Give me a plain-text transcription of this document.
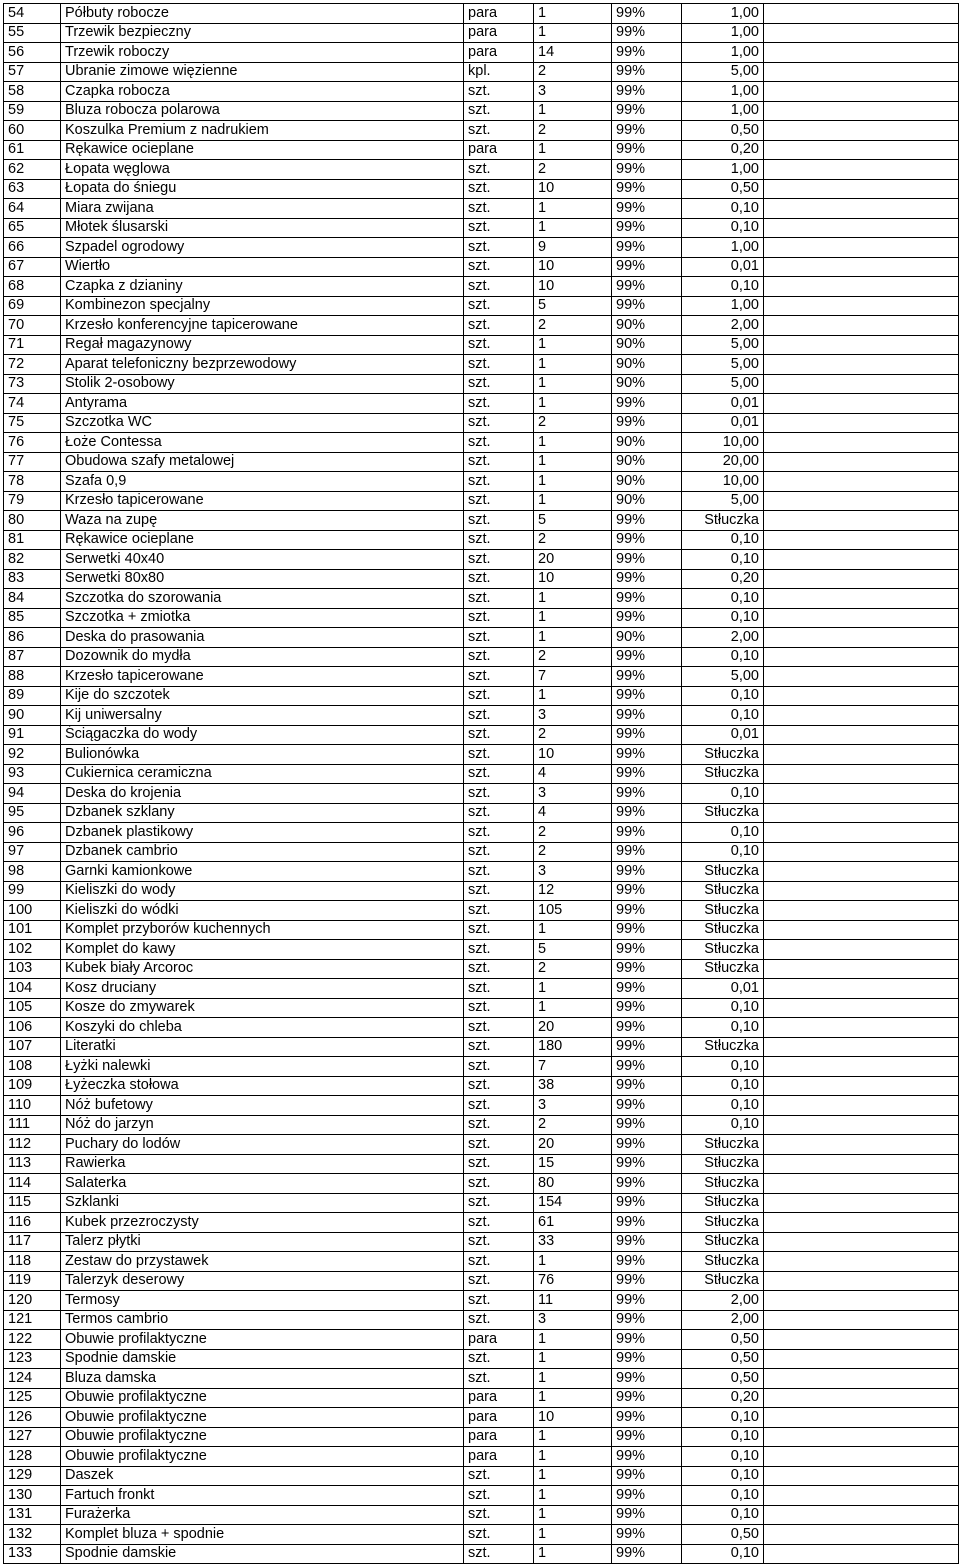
54	Półbuty robocze	para	1	99%	1,00	
55	Trzewik bezpieczny	para	1	99%	1,00	
56	Trzewik roboczy	para	14	99%	1,00	
57	Ubranie zimowe więzienne	kpl.	2	99%	5,00	
58	Czapka robocza	szt.	3	99%	1,00	
59	Bluza robocza polarowa	szt.	1	99%	1,00	
60	Koszulka Premium z nadrukiem	szt.	2	99%	0,50	
61	Rękawice ocieplane	para	1	99%	0,20	
62	Łopata węglowa	szt.	2	99%	1,00	
63	Łopata do śniegu	szt.	10	99%	0,50	
64	Miara zwijana	szt.	1	99%	0,10	
65	Młotek ślusarski	szt.	1	99%	0,10	
66	Szpadel ogrodowy	szt.	9	99%	1,00	
67	Wiertło	szt.	10	99%	0,01	
68	Czapka z dzianiny	szt.	10	99%	0,10	
69	Kombinezon specjalny	szt.	5	99%	1,00	
70	Krzesło konferencyjne tapicerowane	szt.	2	90%	2,00	
71	Regał magazynowy	szt.	1	90%	5,00	
72	Aparat telefoniczny bezprzewodowy	szt.	1	90%	5,00	
73	Stolik 2-osobowy	szt.	1	90%	5,00	
74	Antyrama	szt.	1	99%	0,01	
75	Szczotka WC	szt.	2	99%	0,01	
76	Łoże Contessa	szt.	1	90%	10,00	
77	Obudowa szafy metalowej	szt.	1	90%	20,00	
78	Szafa 0,9	szt.	1	90%	10,00	
79	Krzesło tapicerowane	szt.	1	90%	5,00	
80	Waza na zupę	szt.	5	99%	Stłuczka	
81	Rękawice ocieplane	szt.	2	99%	0,10	
82	Serwetki 40x40	szt.	20	99%	0,10	
83	Serwetki 80x80	szt.	10	99%	0,20	
84	Szczotka do szorowania	szt.	1	99%	0,10	
85	Szczotka + zmiotka	szt.	1	99%	0,10	
86	Deska do prasowania	szt.	1	90%	2,00	
87	Dozownik do mydła	szt.	2	99%	0,10	
88	Krzesło tapicerowane	szt.	7	99%	5,00	
89	Kije do szczotek	szt.	1	99%	0,10	
90	Kij uniwersalny	szt.	3	99%	0,10	
91	Ściągaczka do wody	szt.	2	99%	0,01	
92	Bulionówka	szt.	10	99%	Stłuczka	
93	Cukiernica ceramiczna	szt.	4	99%	Stłuczka	
94	Deska do krojenia	szt.	3	99%	0,10	
95	Dzbanek szklany	szt.	4	99%	Stłuczka	
96	Dzbanek plastikowy	szt.	2	99%	0,10	
97	Dzbanek cambrio	szt.	2	99%	0,10	
98	Garnki kamionkowe	szt.	3	99%	Stłuczka	
99	Kieliszki do wody	szt.	12	99%	Stłuczka	
100	Kieliszki do wódki	szt.	105	99%	Stłuczka	
101	Komplet przyborów kuchennych	szt.	1	99%	Stłuczka	
102	Komplet do kawy	szt.	5	99%	Stłuczka	
103	Kubek biały Arcoroc	szt.	2	99%	Stłuczka	
104	Kosz druciany	szt.	1	99%	0,01	
105	Kosze do zmywarek	szt.	1	99%	0,10	
106	Koszyki do chleba	szt.	20	99%	0,10	
107	Literatki	szt.	180	99%	Stłuczka	
108	Łyżki nalewki	szt.	7	99%	0,10	
109	Łyżeczka stołowa	szt.	38	99%	0,10	
110	Nóż bufetowy	szt.	3	99%	0,10	
111	Nóż do jarzyn	szt.	2	99%	0,10	
112	Puchary do lodów	szt.	20	99%	Stłuczka	
113	Rawierka	szt.	15	99%	Stłuczka	
114	Salaterka	szt.	80	99%	Stłuczka	
115	Szklanki	szt.	154	99%	Stłuczka	
116	Kubek przezroczysty	szt.	61	99%	Stłuczka	
117	Talerz płytki	szt.	33	99%	Stłuczka	
118	Zestaw do przystawek	szt.	1	99%	Stłuczka	
119	Talerzyk deserowy	szt.	76	99%	Stłuczka	
120	Termosy	szt.	11	99%	2,00	
121	Termos cambrio	szt.	3	99%	2,00	
122	Obuwie profilaktyczne	para	1	99%	0,50	
123	Spodnie damskie	szt.	1	99%	0,50	
124	Bluza damska	szt.	1	99%	0,50	
125	Obuwie profilaktyczne	para	1	99%	0,20	
126	Obuwie profilaktyczne	para	10	99%	0,10	
127	Obuwie profilaktyczne	para	1	99%	0,10	
128	Obuwie profilaktyczne	para	1	99%	0,10	
129	Daszek	szt.	1	99%	0,10	
130	Fartuch fronkt	szt.	1	99%	0,10	
131	Furażerka	szt.	1	99%	0,10	
132	Komplet bluza + spodnie	szt.	1	99%	0,50	
133	Spodnie damskie	szt.	1	99%	0,10	
